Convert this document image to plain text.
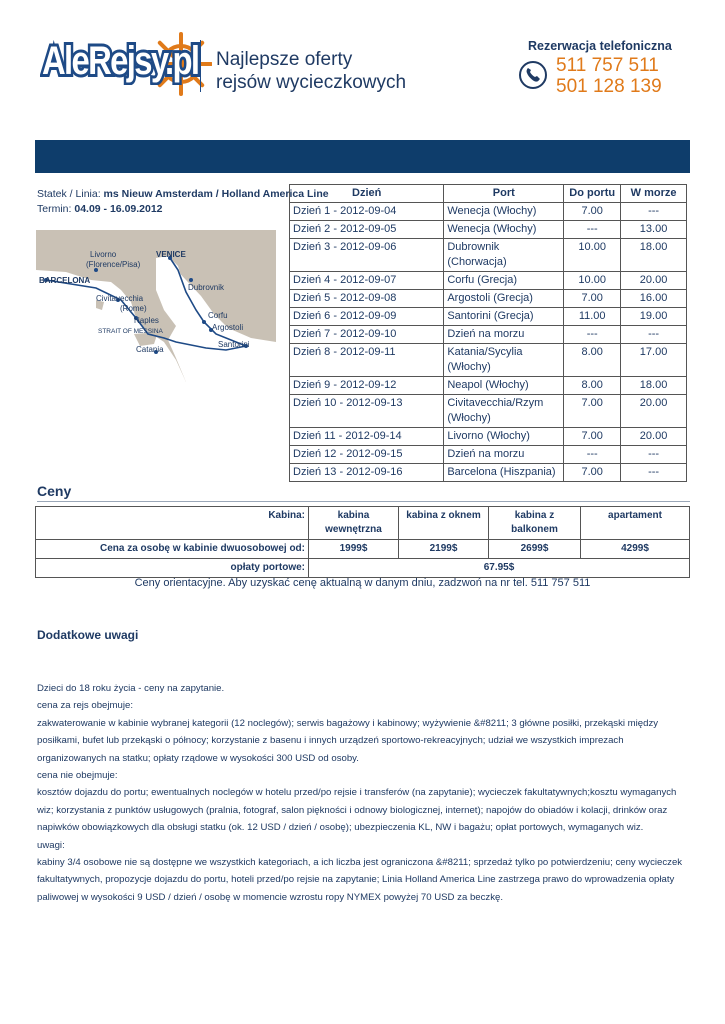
AleRejsy.pl Najlepsze oferty
rejsów wycieczkowych
Rezerwacja telefoniczna
511 757 511
501 128 139
Statek / Linia: ms Nieuw Amsterdam / Holland America Line
Termin: 04.09 - 16.09.2012
Livorno
(Florence/Pisa)
VENICE
BARCELONA
Civitavecchia
(Rome)
Naples
STRAIT OF MESSINA
Catania
Dubrovnik
Corfu
Argostoli
Santorini
Dzień	Port	Do portu	W morze
Dzień 1 - 2012-09-04	Wenecja (Włochy)	7.00	---
Dzień 2 - 2012-09-05	Wenecja (Włochy)	---	13.00
Dzień 3 - 2012-09-06	Dubrownik (Chorwacja)	10.00	18.00
Dzień 4 - 2012-09-07	Corfu (Grecja)	10.00	20.00
Dzień 5 - 2012-09-08	Argostoli (Grecja)	7.00	16.00
Dzień 6 - 2012-09-09	Santorini (Grecja)	11.00	19.00
Dzień 7 - 2012-09-10	Dzień na morzu	---	---
Dzień 8 - 2012-09-11	Katania/Sycylia (Włochy)	8.00	17.00
Dzień 9 - 2012-09-12	Neapol (Włochy)	8.00	18.00
Dzień 10 - 2012-09-13	Civitavecchia/Rzym (Włochy)	7.00	20.00
Dzień 11 - 2012-09-14	Livorno (Włochy)	7.00	20.00
Dzień 12 - 2012-09-15	Dzień na morzu	---	---
Dzień 13 - 2012-09-16	Barcelona (Hiszpania)	7.00	---
Ceny
Kabina:	kabina wewnętrzna	kabina z oknem	kabina z balkonem	apartament
Cena za osobę w kabinie dwuosobowej od:	1999$	2199$	2699$	4299$
opłaty portowe:	67.95$			
Ceny orientacyjne. Aby uzyskać cenę aktualną w danym dniu, zadzwoń na nr tel. 511 757 511
Dodatkowe uwagi

Dzieci do 18 roku życia - ceny na zapytanie.

cena za rejs obejmuje:

zakwaterowanie w kabinie wybranej kategorii (12 noclegów); serwis bagażowy i kabinowy; wyżywienie &#8211; 3 główne posiłki, przekąski między posiłkami, bufet lub przekąski o północy; korzystanie z basenu i innych urządzeń sportowo-rekreacyjnych; udział we wszystkich imprezach organizowanych na statku; opłaty rządowe w wysokości 300 USD od osoby.

cena nie obejmuje:

kosztów dojazdu do portu; ewentualnych noclegów w hotelu przed/po rejsie i transferów (na zapytanie); wycieczek fakultatywnych;kosztu wymaganych wiz; korzystania z punktów usługowych (pralnia, fotograf, salon piękności i odnowy biologicznej, internet); napojów do obiadów i kolacji, drinków oraz napiwków obowiązkowych dla obsługi statku (ok. 12 USD / dzień / osobę); ubezpieczenia KL, NW i bagażu; opłat portowych, wymaganych wiz.

uwagi:

kabiny 3/4 osobowe nie są dostępne we wszystkich kategoriach, a ich liczba jest ograniczona &#8211; sprzedaż tylko po potwierdzeniu; ceny wycieczek fakultatywnych, propozycje dojazdu do portu, hoteli przed/po rejsie na zapytanie; Linia Holland America Line zastrzega prawo do wprowadzenia opłaty paliwowej w wysokości 9 USD / dzień / osobę w momencie wzrostu ropy NYMEX powyżej 70 USD za beczkę.
